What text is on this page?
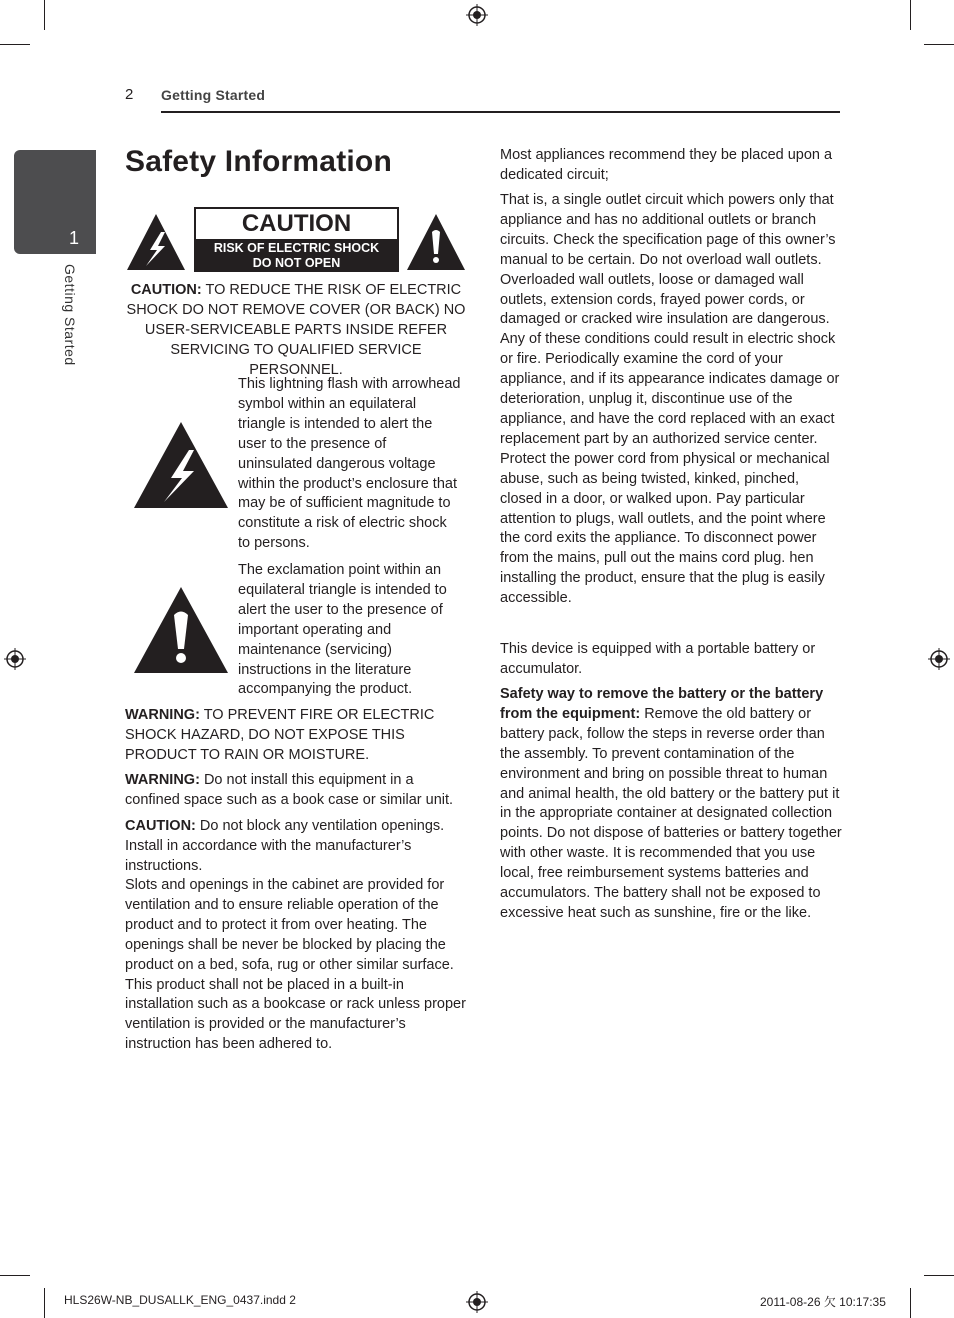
2 Getting Started
1
Getting Started
Safety Information
CAUTION
RISK OF ELECTRIC SHOCK
DO NOT OPEN
CAUTION: TO REDUCE THE RISK OF ELECTRIC SHOCK DO NOT REMOVE COVER (OR BACK) NO USER-SERVICEABLE PARTS INSIDE REFER SERVICING TO QUALIFIED SERVICE PERSONNEL.
This lightning flash with arrowhead symbol within an equilateral triangle is intended to alert the user to the presence of uninsulated dangerous voltage within the product’s enclosure that may be of sufficient magnitude to constitute a risk of electric shock to persons.
The exclamation point within an equilateral triangle is intended to alert the user to the presence of important operating and maintenance (servicing) instructions in the literature accompanying the product.
WARNING: TO PREVENT FIRE OR ELECTRIC SHOCK HAZARD, DO NOT EXPOSE THIS PRODUCT TO RAIN OR MOISTURE.
WARNING: Do not install this equipment in a confined space such as a book case or similar unit.
CAUTION: Do not block any ventilation openings. Install in accordance with the manufacturer’s instructions.
Slots and openings in the cabinet are provided for ventilation and to ensure reliable operation of the product and to protect it from over heating. The openings shall be never be blocked by placing the product on a bed, sofa, rug or other similar surface. This product shall not be placed in a built-in installation such as a bookcase or rack unless proper ventilation is provided or the manufacturer’s instruction has been adhered to.
Most appliances recommend they be placed upon a dedicated circuit;
That is, a single outlet circuit which powers only that appliance and has no additional outlets or branch circuits. Check the specification page of this owner’s manual to be certain. Do not overload wall outlets. Overloaded wall outlets, loose or damaged wall outlets, extension cords, frayed power cords, or damaged or cracked wire insulation are dangerous. Any of these conditions could result in electric shock or fire. Periodically examine the cord of your appliance, and if its appearance indicates damage or deterioration, unplug it, discontinue use of the appliance, and have the cord replaced with an exact replacement part by an authorized service center. Protect the power cord from physical or mechanical abuse, such as being twisted, kinked, pinched, closed in a door, or walked upon. Pay particular attention to plugs, wall outlets, and the point where the cord exits the appliance. To disconnect power from the mains, pull out the mains cord plug. hen installing the product, ensure that the plug is easily accessible.
This device is equipped with a portable battery or accumulator.
Safety way to remove the battery or the battery from the equipment: Remove the old battery or battery pack, follow the steps in reverse order than the assembly. To prevent contamination of the environment and bring on possible threat to human and animal health, the old battery or the battery put it in the appropriate container at designated collection points. Do not dispose of batteries or battery together with other waste. It is recommended that you use local, free reimbursement systems batteries and accumulators. The battery shall not be exposed to excessive heat such as sunshine, fire or the like.
HLS26W-NB_DUSALLK_ENG_0437.indd 2	2011-08-26 欠 10:17:35
